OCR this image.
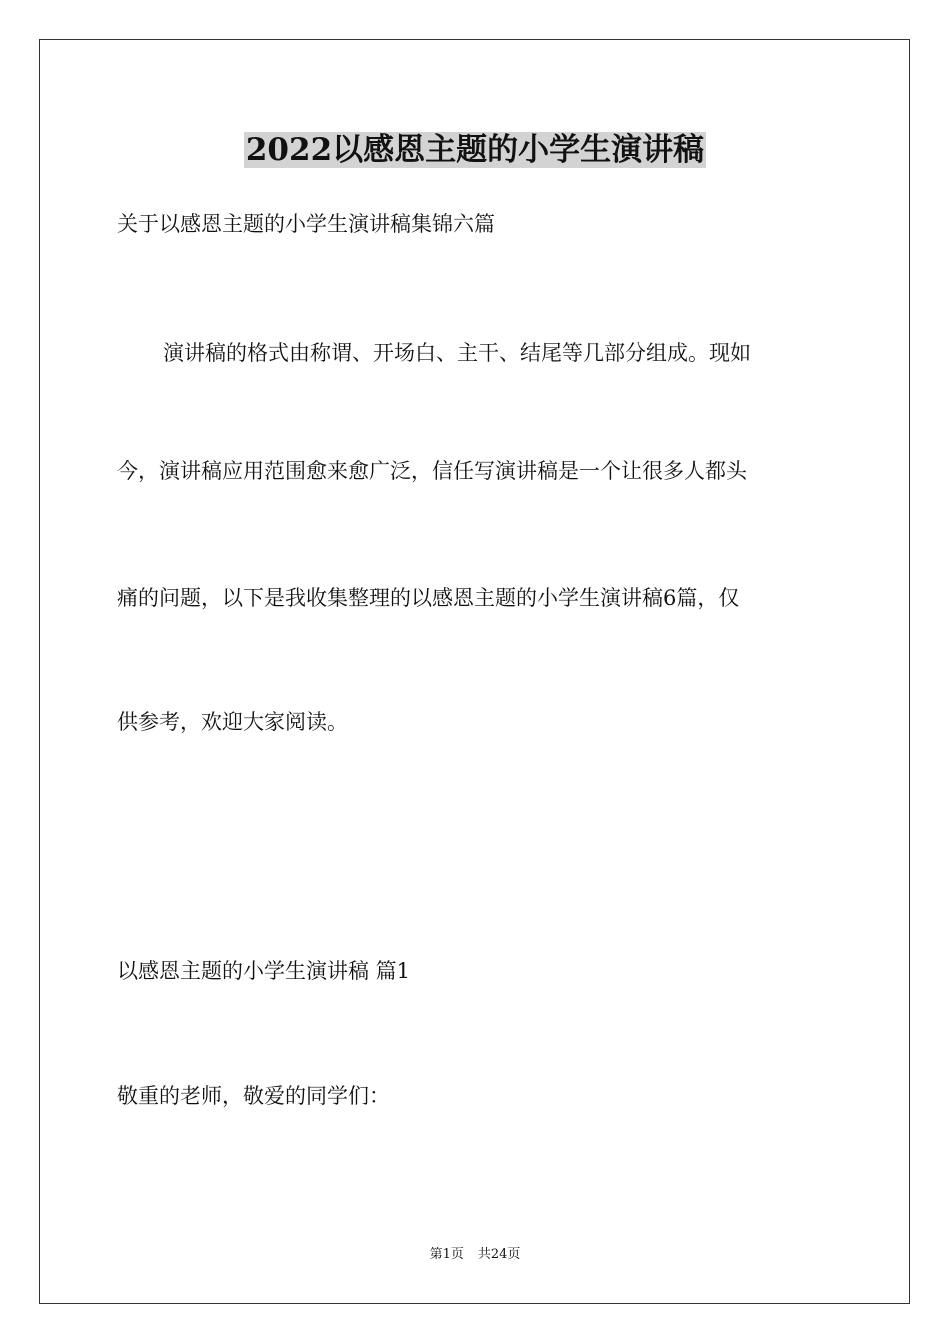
2022以感恩主题的小学生演讲稿

关于以感恩主题的小学生演讲稿集锦六篇

演讲稿的格式由称谓、开场白、主干、结尾等几部分组成。现如

今，演讲稿应用范围愈来愈广泛，信任写演讲稿是一个让很多人都头

痛的问题，以下是我收集整理的以感恩主题的小学生演讲稿6篇，仅

供参考，欢迎大家阅读。

以感恩主题的小学生演讲稿 篇1

敬重的老师，敬爱的同学们：

第1页 共24页
